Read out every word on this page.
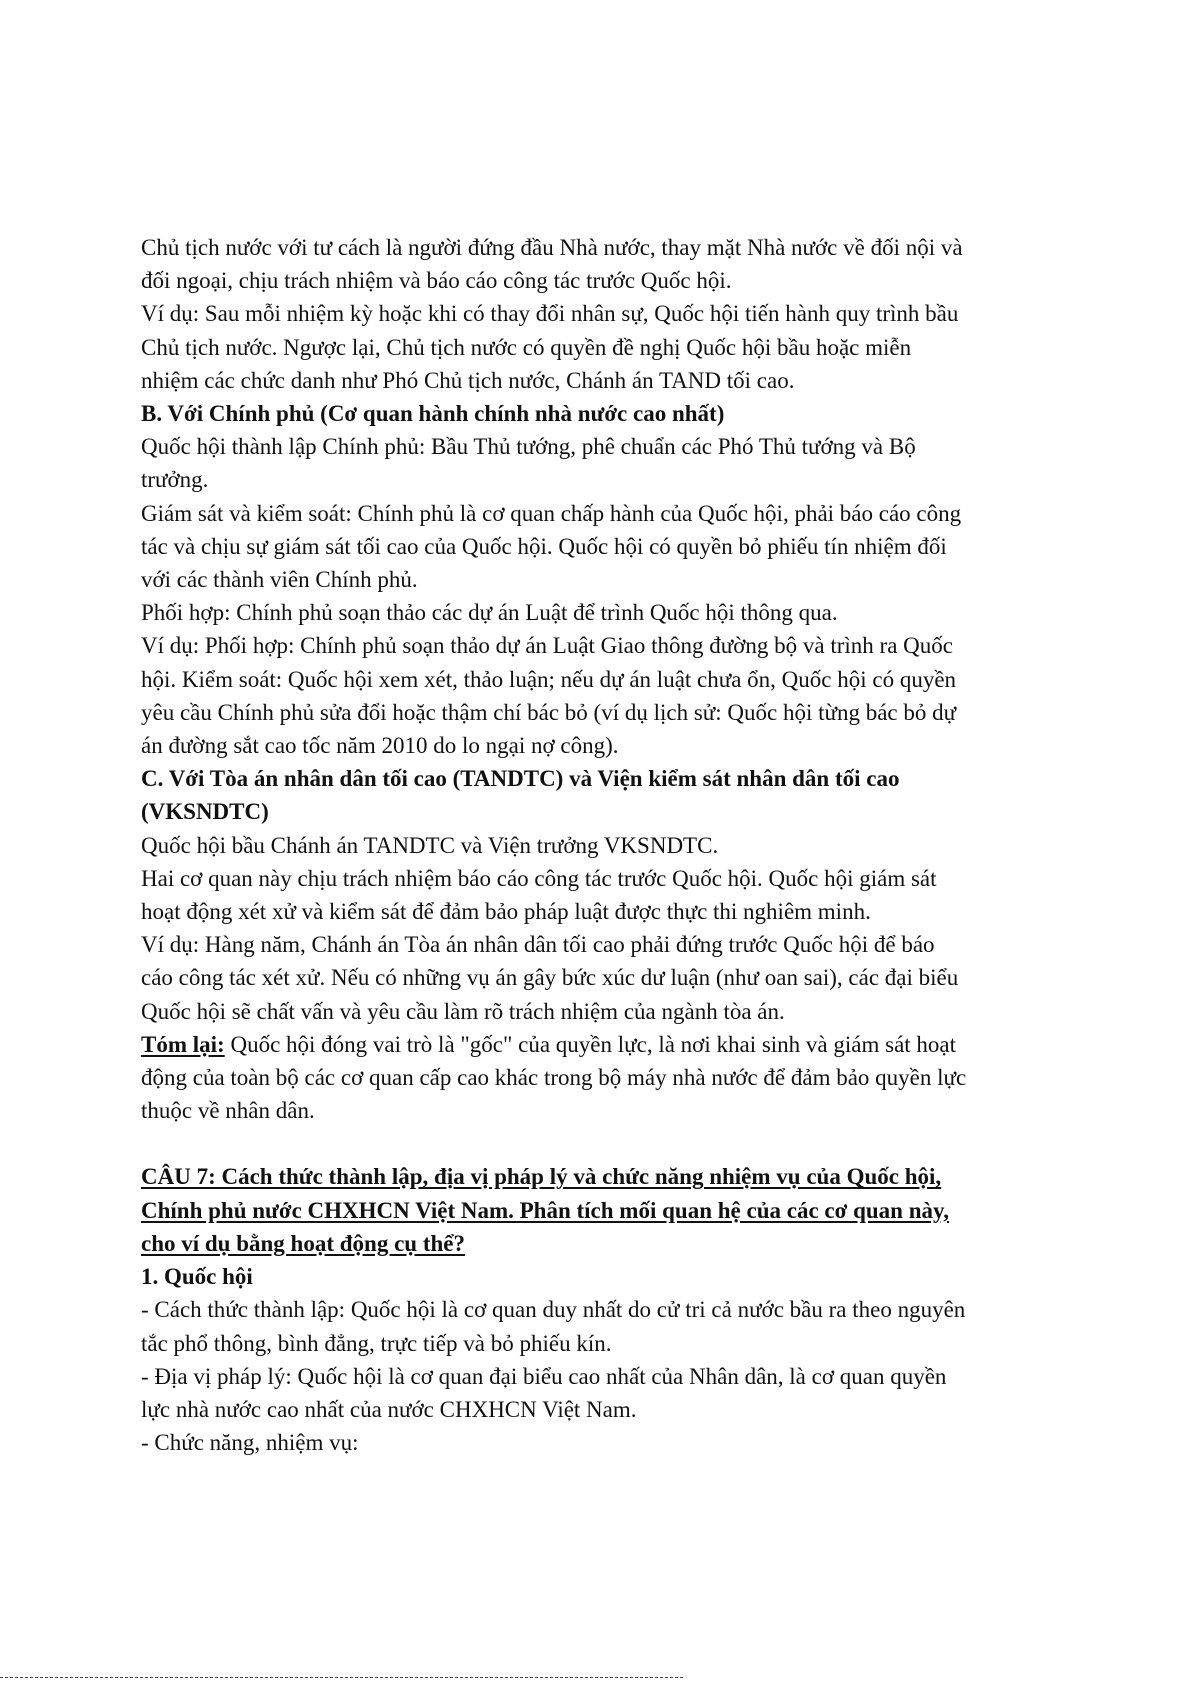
Chủ tịch nước với tư cách là người đứng đầu Nhà nước, thay mặt Nhà nước về đối nội và
đối ngoại, chịu trách nhiệm và báo cáo công tác trước Quốc hội.
Ví dụ: Sau mỗi nhiệm kỳ hoặc khi có thay đổi nhân sự, Quốc hội tiến hành quy trình bầu
Chủ tịch nước. Ngược lại, Chủ tịch nước có quyền đề nghị Quốc hội bầu hoặc miễn
nhiệm các chức danh như Phó Chủ tịch nước, Chánh án TAND tối cao.
B. Với Chính phủ (Cơ quan hành chính nhà nước cao nhất)
Quốc hội thành lập Chính phủ: Bầu Thủ tướng, phê chuẩn các Phó Thủ tướng và Bộ
trưởng.
Giám sát và kiểm soát: Chính phủ là cơ quan chấp hành của Quốc hội, phải báo cáo công
tác và chịu sự giám sát tối cao của Quốc hội. Quốc hội có quyền bỏ phiếu tín nhiệm đối
với các thành viên Chính phủ.
Phối hợp: Chính phủ soạn thảo các dự án Luật để trình Quốc hội thông qua.
Ví dụ: Phối hợp: Chính phủ soạn thảo dự án Luật Giao thông đường bộ và trình ra Quốc
hội. Kiểm soát: Quốc hội xem xét, thảo luận; nếu dự án luật chưa ổn, Quốc hội có quyền
yêu cầu Chính phủ sửa đổi hoặc thậm chí bác bỏ (ví dụ lịch sử: Quốc hội từng bác bỏ dự
án đường sắt cao tốc năm 2010 do lo ngại nợ công).
C. Với Tòa án nhân dân tối cao (TANDTC) và Viện kiểm sát nhân dân tối cao
(VKSNDTC)
Quốc hội bầu Chánh án TANDTC và Viện trưởng VKSNDTC.
Hai cơ quan này chịu trách nhiệm báo cáo công tác trước Quốc hội. Quốc hội giám sát
hoạt động xét xử và kiểm sát để đảm bảo pháp luật được thực thi nghiêm minh.
Ví dụ: Hàng năm, Chánh án Tòa án nhân dân tối cao phải đứng trước Quốc hội để báo
cáo công tác xét xử. Nếu có những vụ án gây bức xúc dư luận (như oan sai), các đại biểu
Quốc hội sẽ chất vấn và yêu cầu làm rõ trách nhiệm của ngành tòa án.
Tóm lại: Quốc hội đóng vai trò là "gốc" của quyền lực, là nơi khai sinh và giám sát hoạt
động của toàn bộ các cơ quan cấp cao khác trong bộ máy nhà nước để đảm bảo quyền lực
thuộc về nhân dân.
CÂU 7: Cách thức thành lập, địa vị pháp lý và chức năng nhiệm vụ của Quốc hội,
Chính phủ nước CHXHCN Việt Nam. Phân tích mối quan hệ của các cơ quan này,
cho ví dụ bằng hoạt động cụ thể?
1. Quốc hội
- Cách thức thành lập: Quốc hội là cơ quan duy nhất do cử tri cả nước bầu ra theo nguyên
tắc phổ thông, bình đẳng, trực tiếp và bỏ phiếu kín.
- Địa vị pháp lý: Quốc hội là cơ quan đại biểu cao nhất của Nhân dân, là cơ quan quyền
lực nhà nước cao nhất của nước CHXHCN Việt Nam.
- Chức năng, nhiệm vụ:
